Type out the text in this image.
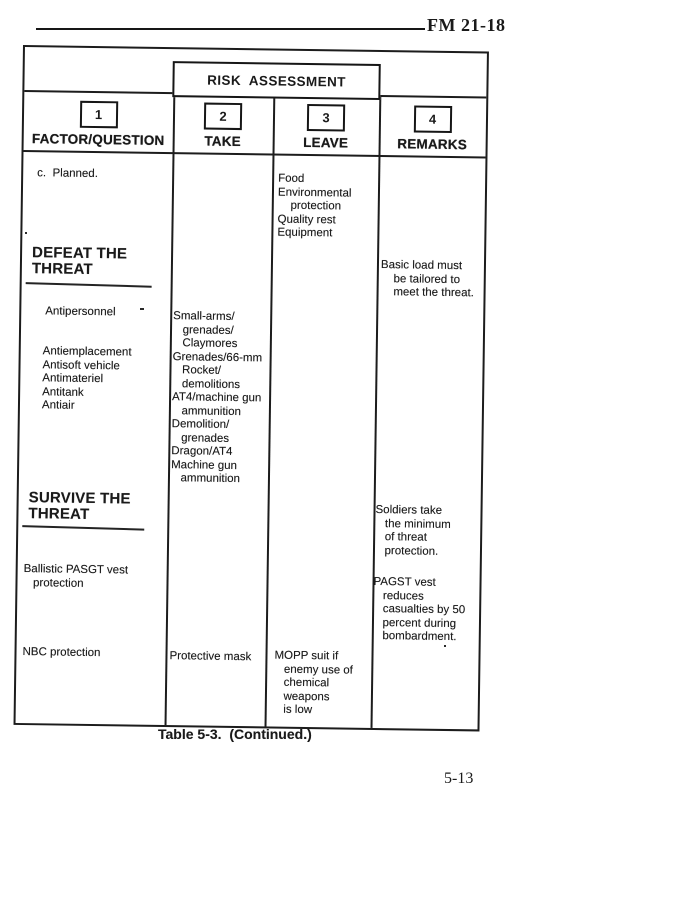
FM 21-18
RISK  ASSESSMENT
1
FACTOR/QUESTION
2
TAKE
3
LEAVE
4
REMARKS
c.  Planned.
DEFEAT THE
THREAT
Antipersonnel
Antiemplacement
Antisoft vehicle
Antimateriel
Antitank
Antiair
SURVIVE THE
THREAT
Ballistic PASGT vest
protection
NBC protection
Small-arms/
grenades/
Claymores
Grenades/66-mm
Rocket/
demolitions
AT4/machine gun
ammunition
Demolition/
grenades
Dragon/AT4
Machine gun
ammunition
Protective mask
Food
Environmental
protection
Quality rest
Equipment
MOPP suit if
enemy use of
chemical
weapons
is low
Basic load must
be tailored to
meet the threat.
Soldiers take
the minimum
of threat
protection.
PAGST vest
reduces
casualties by 50
percent during
bombardment.
Table 5-3.  (Continued.)
5-13
